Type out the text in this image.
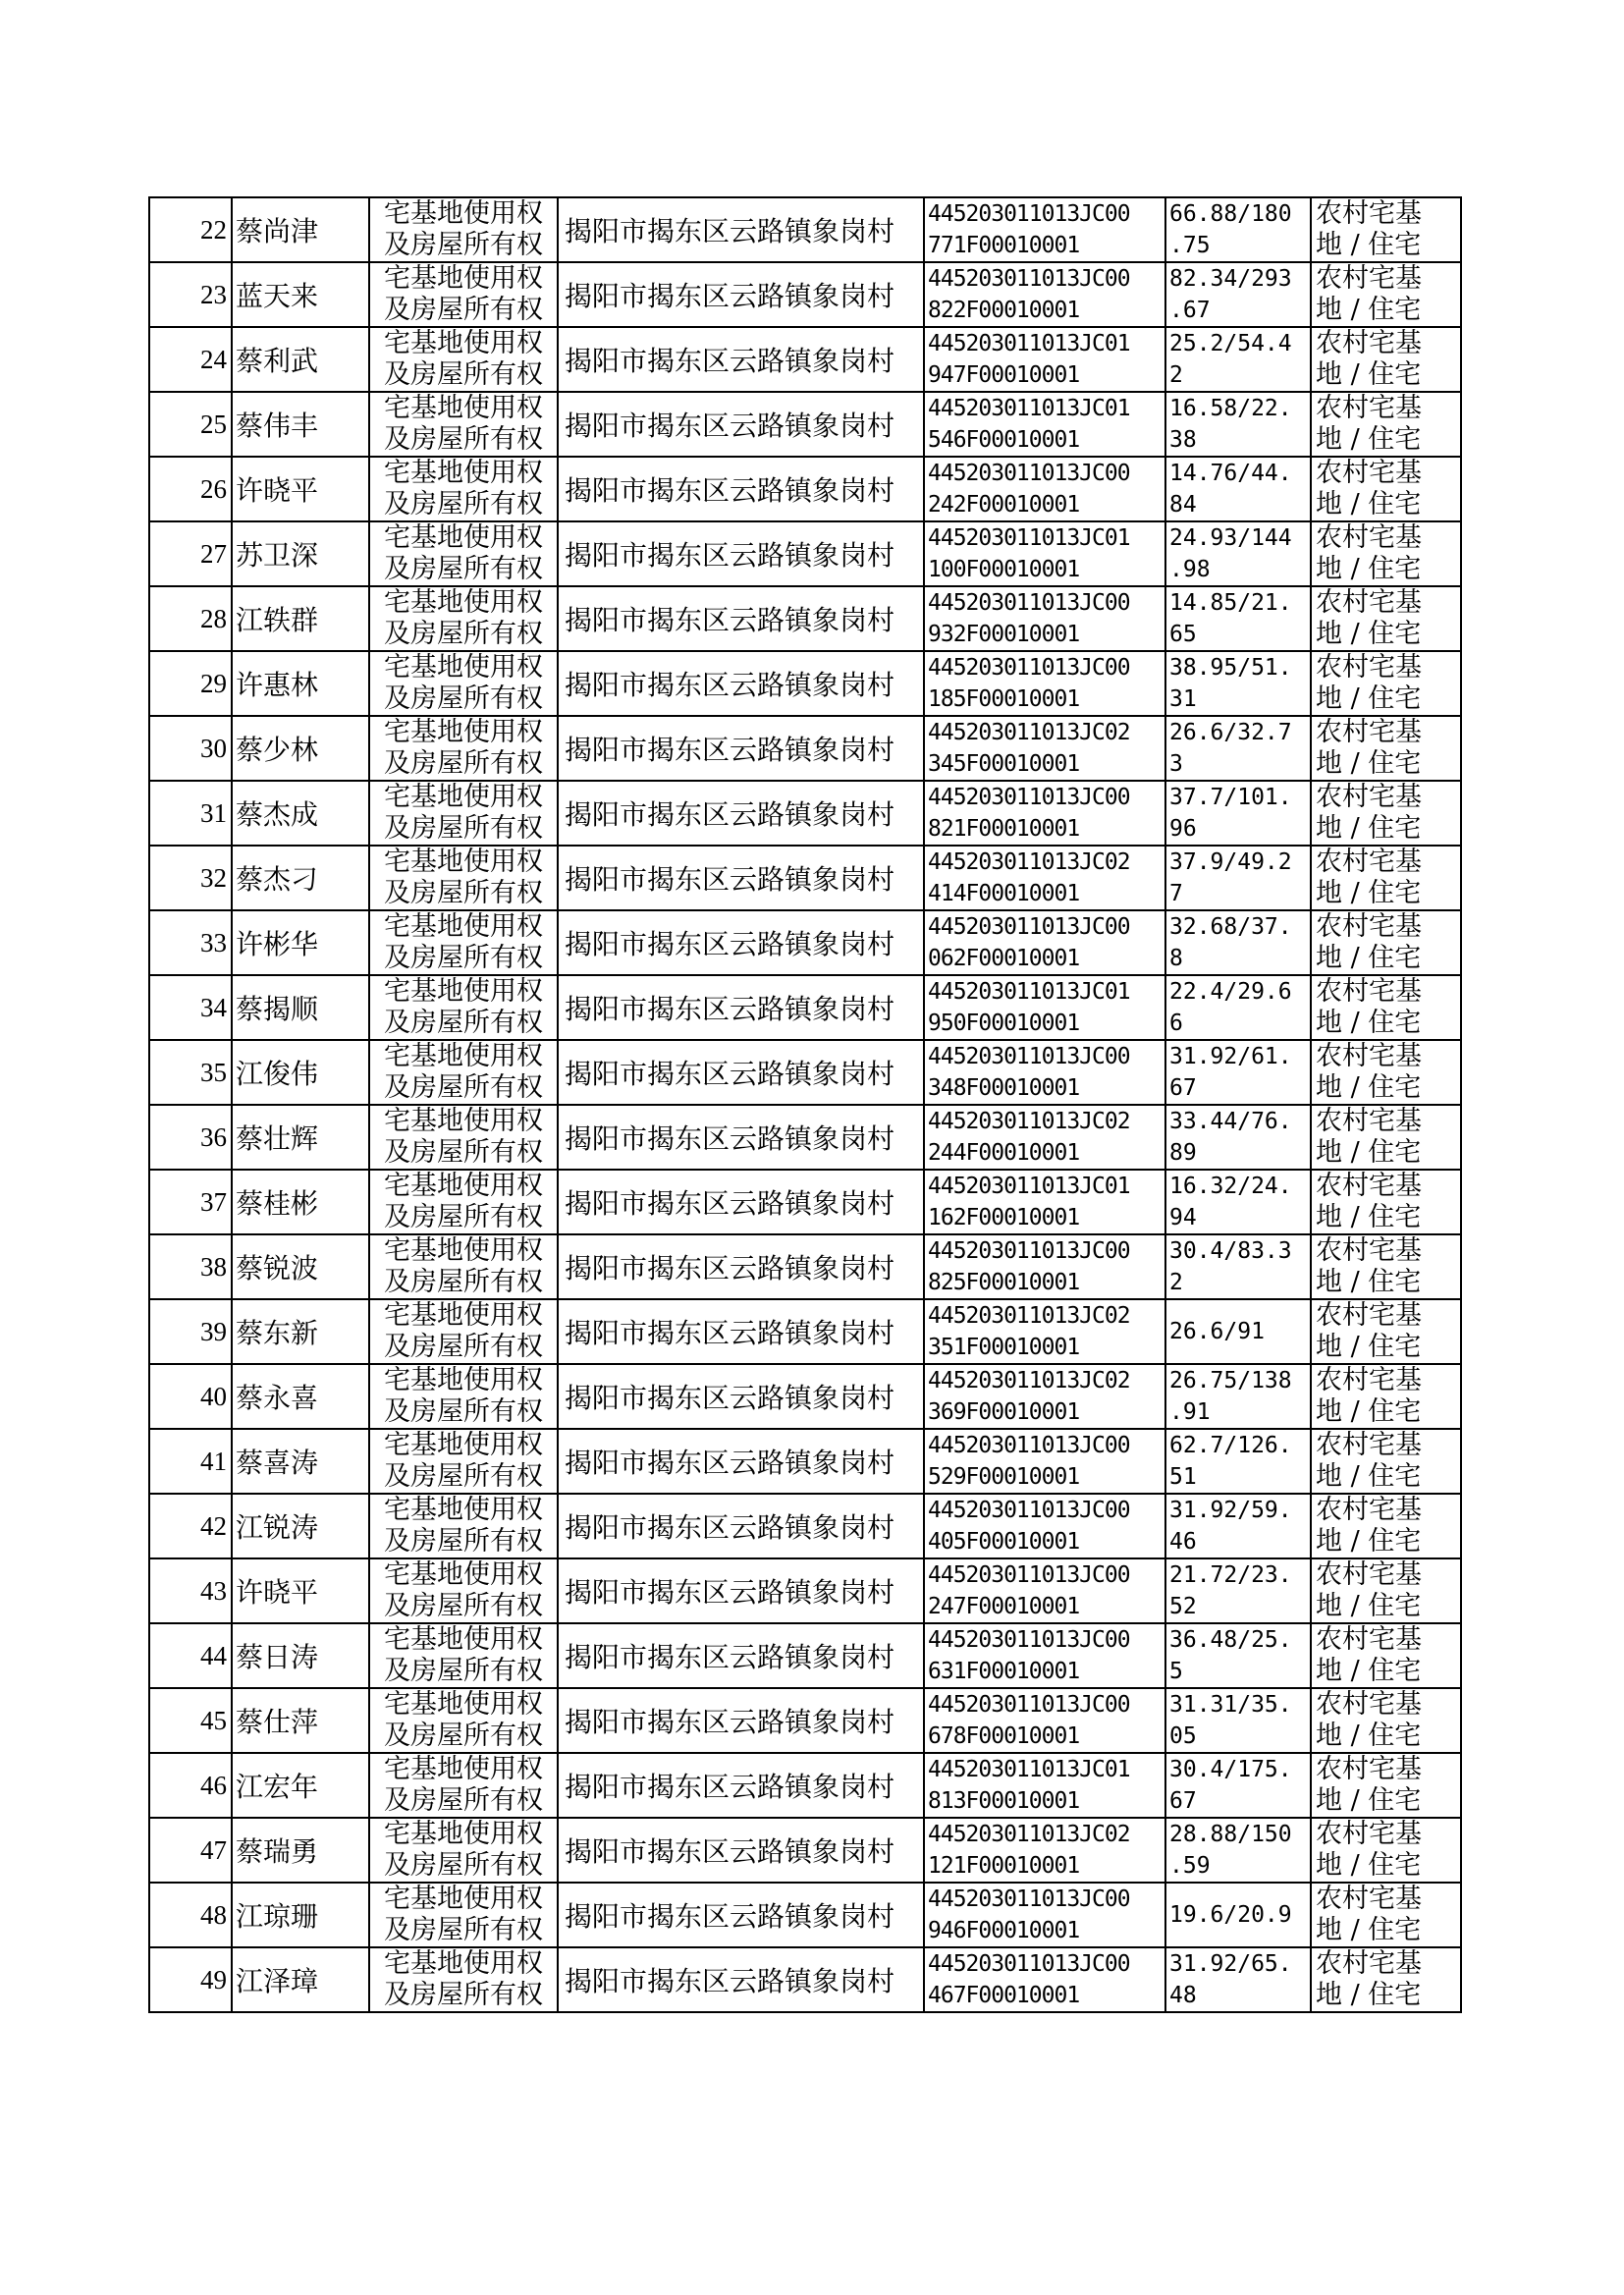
22	蔡尚津	宅基地使用权
及房屋所有权	揭阳市揭东区云路镇象岗村	445203011013JC00
771F00010001	66.88/180
.75	农村宅基
地 / 住宅

23	蓝天来	宅基地使用权
及房屋所有权	揭阳市揭东区云路镇象岗村	445203011013JC00
822F00010001	82.34/293
.67	农村宅基
地 / 住宅

24	蔡利武	宅基地使用权
及房屋所有权	揭阳市揭东区云路镇象岗村	445203011013JC01
947F00010001	25.2/54.4
2	农村宅基
地 / 住宅

25	蔡伟丰	宅基地使用权
及房屋所有权	揭阳市揭东区云路镇象岗村	445203011013JC01
546F00010001	16.58/22.
38	农村宅基
地 / 住宅

26	许晓平	宅基地使用权
及房屋所有权	揭阳市揭东区云路镇象岗村	445203011013JC00
242F00010001	14.76/44.
84	农村宅基
地 / 住宅

27	苏卫深	宅基地使用权
及房屋所有权	揭阳市揭东区云路镇象岗村	445203011013JC01
100F00010001	24.93/144
.98	农村宅基
地 / 住宅

28	江轶群	宅基地使用权
及房屋所有权	揭阳市揭东区云路镇象岗村	445203011013JC00
932F00010001	14.85/21.
65	农村宅基
地 / 住宅

29	许惠林	宅基地使用权
及房屋所有权	揭阳市揭东区云路镇象岗村	445203011013JC00
185F00010001	38.95/51.
31	农村宅基
地 / 住宅

30	蔡少林	宅基地使用权
及房屋所有权	揭阳市揭东区云路镇象岗村	445203011013JC02
345F00010001	26.6/32.7
3	农村宅基
地 / 住宅

31	蔡杰成	宅基地使用权
及房屋所有权	揭阳市揭东区云路镇象岗村	445203011013JC00
821F00010001	37.7/101.
96	农村宅基
地 / 住宅

32	蔡杰刁	宅基地使用权
及房屋所有权	揭阳市揭东区云路镇象岗村	445203011013JC02
414F00010001	37.9/49.2
7	农村宅基
地 / 住宅

33	许彬华	宅基地使用权
及房屋所有权	揭阳市揭东区云路镇象岗村	445203011013JC00
062F00010001	32.68/37.
8	农村宅基
地 / 住宅

34	蔡揭顺	宅基地使用权
及房屋所有权	揭阳市揭东区云路镇象岗村	445203011013JC01
950F00010001	22.4/29.6
6	农村宅基
地 / 住宅

35	江俊伟	宅基地使用权
及房屋所有权	揭阳市揭东区云路镇象岗村	445203011013JC00
348F00010001	31.92/61.
67	农村宅基
地 / 住宅

36	蔡壮辉	宅基地使用权
及房屋所有权	揭阳市揭东区云路镇象岗村	445203011013JC02
244F00010001	33.44/76.
89	农村宅基
地 / 住宅

37	蔡桂彬	宅基地使用权
及房屋所有权	揭阳市揭东区云路镇象岗村	445203011013JC01
162F00010001	16.32/24.
94	农村宅基
地 / 住宅

38	蔡锐波	宅基地使用权
及房屋所有权	揭阳市揭东区云路镇象岗村	445203011013JC00
825F00010001	30.4/83.3
2	农村宅基
地 / 住宅

39	蔡东新	宅基地使用权
及房屋所有权	揭阳市揭东区云路镇象岗村	445203011013JC02
351F00010001	26.6/91	农村宅基
地 / 住宅

40	蔡永喜	宅基地使用权
及房屋所有权	揭阳市揭东区云路镇象岗村	445203011013JC02
369F00010001	26.75/138
.91	农村宅基
地 / 住宅

41	蔡喜涛	宅基地使用权
及房屋所有权	揭阳市揭东区云路镇象岗村	445203011013JC00
529F00010001	62.7/126.
51	农村宅基
地 / 住宅

42	江锐涛	宅基地使用权
及房屋所有权	揭阳市揭东区云路镇象岗村	445203011013JC00
405F00010001	31.92/59.
46	农村宅基
地 / 住宅

43	许晓平	宅基地使用权
及房屋所有权	揭阳市揭东区云路镇象岗村	445203011013JC00
247F00010001	21.72/23.
52	农村宅基
地 / 住宅

44	蔡日涛	宅基地使用权
及房屋所有权	揭阳市揭东区云路镇象岗村	445203011013JC00
631F00010001	36.48/25.
5	农村宅基
地 / 住宅

45	蔡仕萍	宅基地使用权
及房屋所有权	揭阳市揭东区云路镇象岗村	445203011013JC00
678F00010001	31.31/35.
05	农村宅基
地 / 住宅

46	江宏年	宅基地使用权
及房屋所有权	揭阳市揭东区云路镇象岗村	445203011013JC01
813F00010001	30.4/175.
67	农村宅基
地 / 住宅

47	蔡瑞勇	宅基地使用权
及房屋所有权	揭阳市揭东区云路镇象岗村	445203011013JC02
121F00010001	28.88/150
.59	农村宅基
地 / 住宅

48	江琼珊	宅基地使用权
及房屋所有权	揭阳市揭东区云路镇象岗村	445203011013JC00
946F00010001	19.6/20.9	农村宅基
地 / 住宅

49	江泽璋	宅基地使用权
及房屋所有权	揭阳市揭东区云路镇象岗村	445203011013JC00
467F00010001	31.92/65.
48	农村宅基
地 / 住宅
